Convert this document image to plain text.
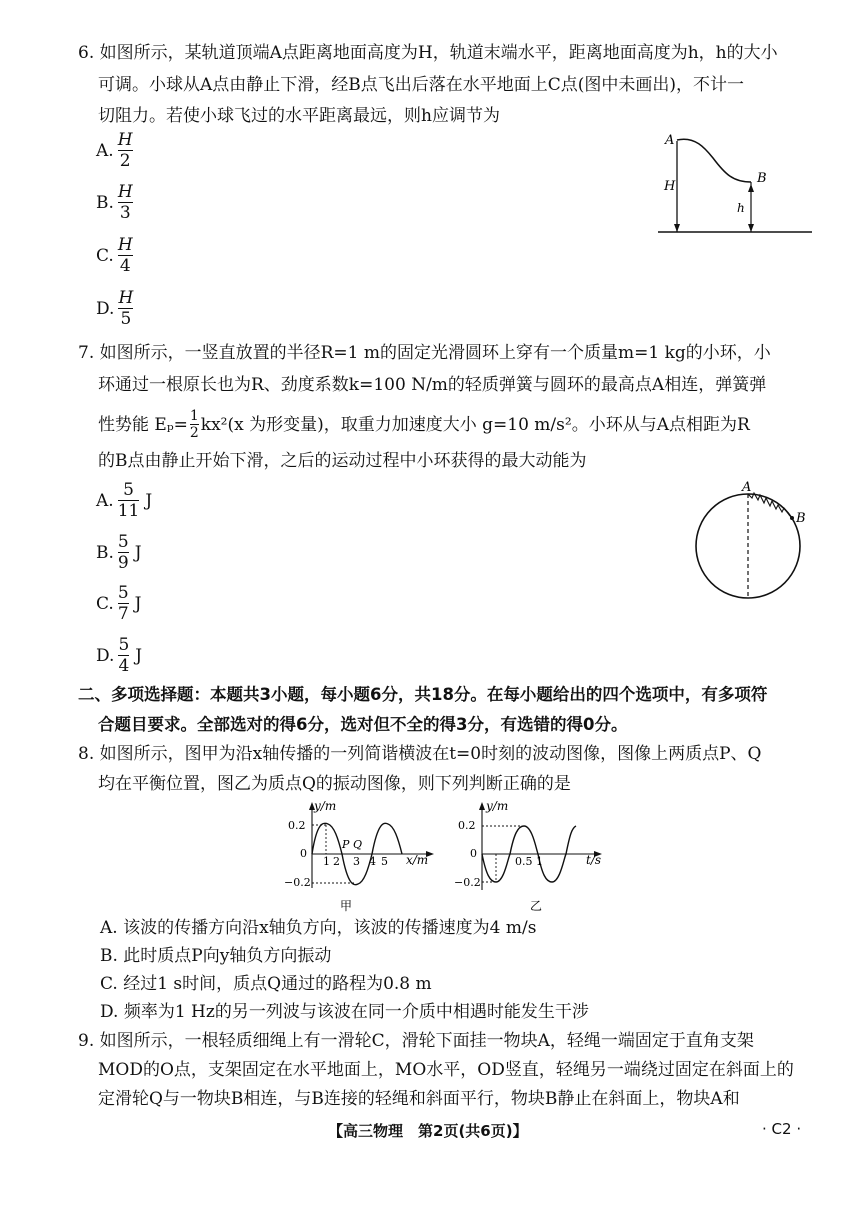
6. 如图所示，某轨道顶端A点距离地面高度为H，轨道末端水平，距离地面高度为h，h的大小
可调。小球从A点由静止下滑，经B点飞出后落在水平地面上C点(图中未画出)，不计一
切阻力。若使小球飞过的水平距离最远，则h应调节为
A. $\frac{H}{2}$
B. $\frac{H}{3}$
C. $\frac{H}{4}$
D. $\frac{H}{5}$
A
B
H
h
7. 如图所示，一竖直放置的半径R=1 m的固定光滑圆环上穿有一个质量m=1 kg的小环，小
环通过一根原长也为R、劲度系数k=100 N/m的轻质弹簧与圆环的最高点A相连，弹簧弹
性势能 $E_p= \frac{1}{2} kx^2(x$ 为形变量)，取重力加速度大小 g=10 m/s²。小环从与A点相距为R
的B点由静止开始下滑，之后的运动过程中小环获得的最大动能为
A. $\frac{5}{11}$ J
B. $\frac{5}{9}$ J
C. $\frac{5}{7}$ J
D. $\frac{5}{4}$ J
A
B
二、多项选择题：本题共3小题，每小题6分，共18分。在每小题给出的四个选项中，有多项符
合题目要求。全部选对的得6分，选对但不全的得3分，有选错的得0分。
8. 如图所示，图甲为沿x轴传播的一列简谐横波在t=0时刻的波动图像，图像上两质点P、Q
均在平衡位置，图乙为质点Q的振动图像，则下列判断正确的是
y/m
x/m
0.2
0
−0.2
1 2 3 4 5
P Q
甲
y/m
t/s
0.2
0
−0.2
0.5 1
乙
A. 该波的传播方向沿x轴负方向，该波的传播速度为4 m/s
B. 此时质点P向y轴负方向振动
C. 经过1 s时间，质点Q通过的路程为0.8 m
D. 频率为1 Hz的另一列波与该波在同一介质中相遇时能发生干涉
9. 如图所示，一根轻质细绳上有一滑轮C，滑轮下面挂一物块A，轻绳一端固定于直角支架
MOD的O点，支架固定在水平地面上，MO水平，OD竖直，轻绳另一端绕过固定在斜面上的
定滑轮Q与一物块B相连，与B连接的轻绳和斜面平行，物块B静止在斜面上，物块A和
【高三物理　第2页(共6页)】	· C2 ·
